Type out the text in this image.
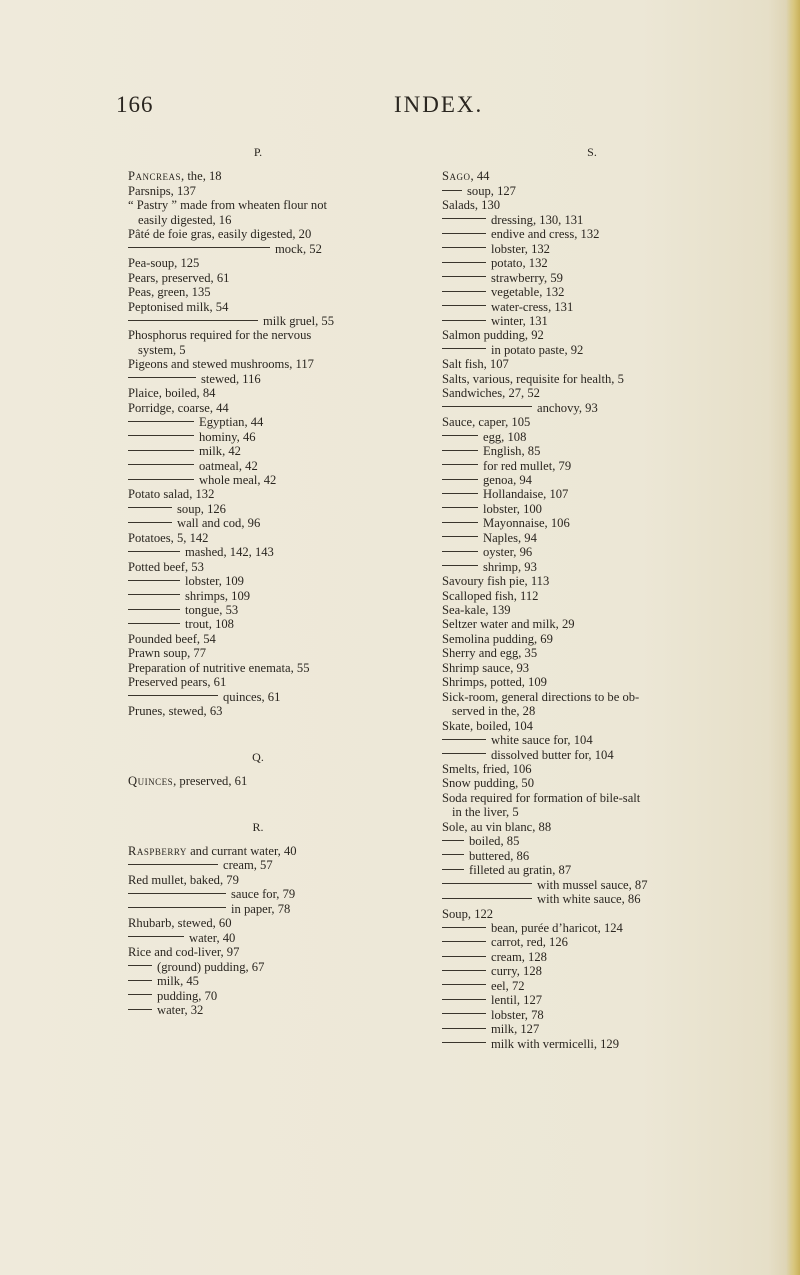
166	INDEX.
P.
Pancreas, the, 18
Parsnips, 137
“ Pastry ” made from wheaten flour not
easily digested, 16
Pâté de foie gras, easily digested, 20
mock, 52
Pea-soup, 125
Pears, preserved, 61
Peas, green, 135
Peptonised milk, 54
milk gruel, 55
Phosphorus required for the nervous
system, 5
Pigeons and stewed mushrooms, 117
stewed, 116
Plaice, boiled, 84
Porridge, coarse, 44
Egyptian, 44
hominy, 46
milk, 42
oatmeal, 42
whole meal, 42
Potato salad, 132
soup, 126
wall and cod, 96
Potatoes, 5, 142
mashed, 142, 143
Potted beef, 53
lobster, 109
shrimps, 109
tongue, 53
trout, 108
Pounded beef, 54
Prawn soup, 77
Preparation of nutritive enemata, 55
Preserved pears, 61
quinces, 61
Prunes, stewed, 63
Q.
Quinces, preserved, 61
R.
Raspberry and currant water, 40
cream, 57
Red mullet, baked, 79
sauce for, 79
in paper, 78
Rhubarb, stewed, 60
water, 40
Rice and cod-liver, 97
(ground) pudding, 67
milk, 45
pudding, 70
water, 32
S.
Sago, 44
soup, 127
Salads, 130
dressing, 130, 131
endive and cress, 132
lobster, 132
potato, 132
strawberry, 59
vegetable, 132
water-cress, 131
winter, 131
Salmon pudding, 92
in potato paste, 92
Salt fish, 107
Salts, various, requisite for health, 5
Sandwiches, 27, 52
anchovy, 93
Sauce, caper, 105
egg, 108
English, 85
for red mullet, 79
genoa, 94
Hollandaise, 107
lobster, 100
Mayonnaise, 106
Naples, 94
oyster, 96
shrimp, 93
Savoury fish pie, 113
Scalloped fish, 112
Sea-kale, 139
Seltzer water and milk, 29
Semolina pudding, 69
Sherry and egg, 35
Shrimp sauce, 93
Shrimps, potted, 109
Sick-room, general directions to be ob-
served in the, 28
Skate, boiled, 104
white sauce for, 104
dissolved butter for, 104
Smelts, fried, 106
Snow pudding, 50
Soda required for formation of bile-salt
in the liver, 5
Sole, au vin blanc, 88
boiled, 85
buttered, 86
filleted au gratin, 87
with mussel sauce, 87
with white sauce, 86
Soup, 122
bean, purée d’haricot, 124
carrot, red, 126
cream, 128
curry, 128
eel, 72
lentil, 127
lobster, 78
milk, 127
milk with vermicelli, 129
